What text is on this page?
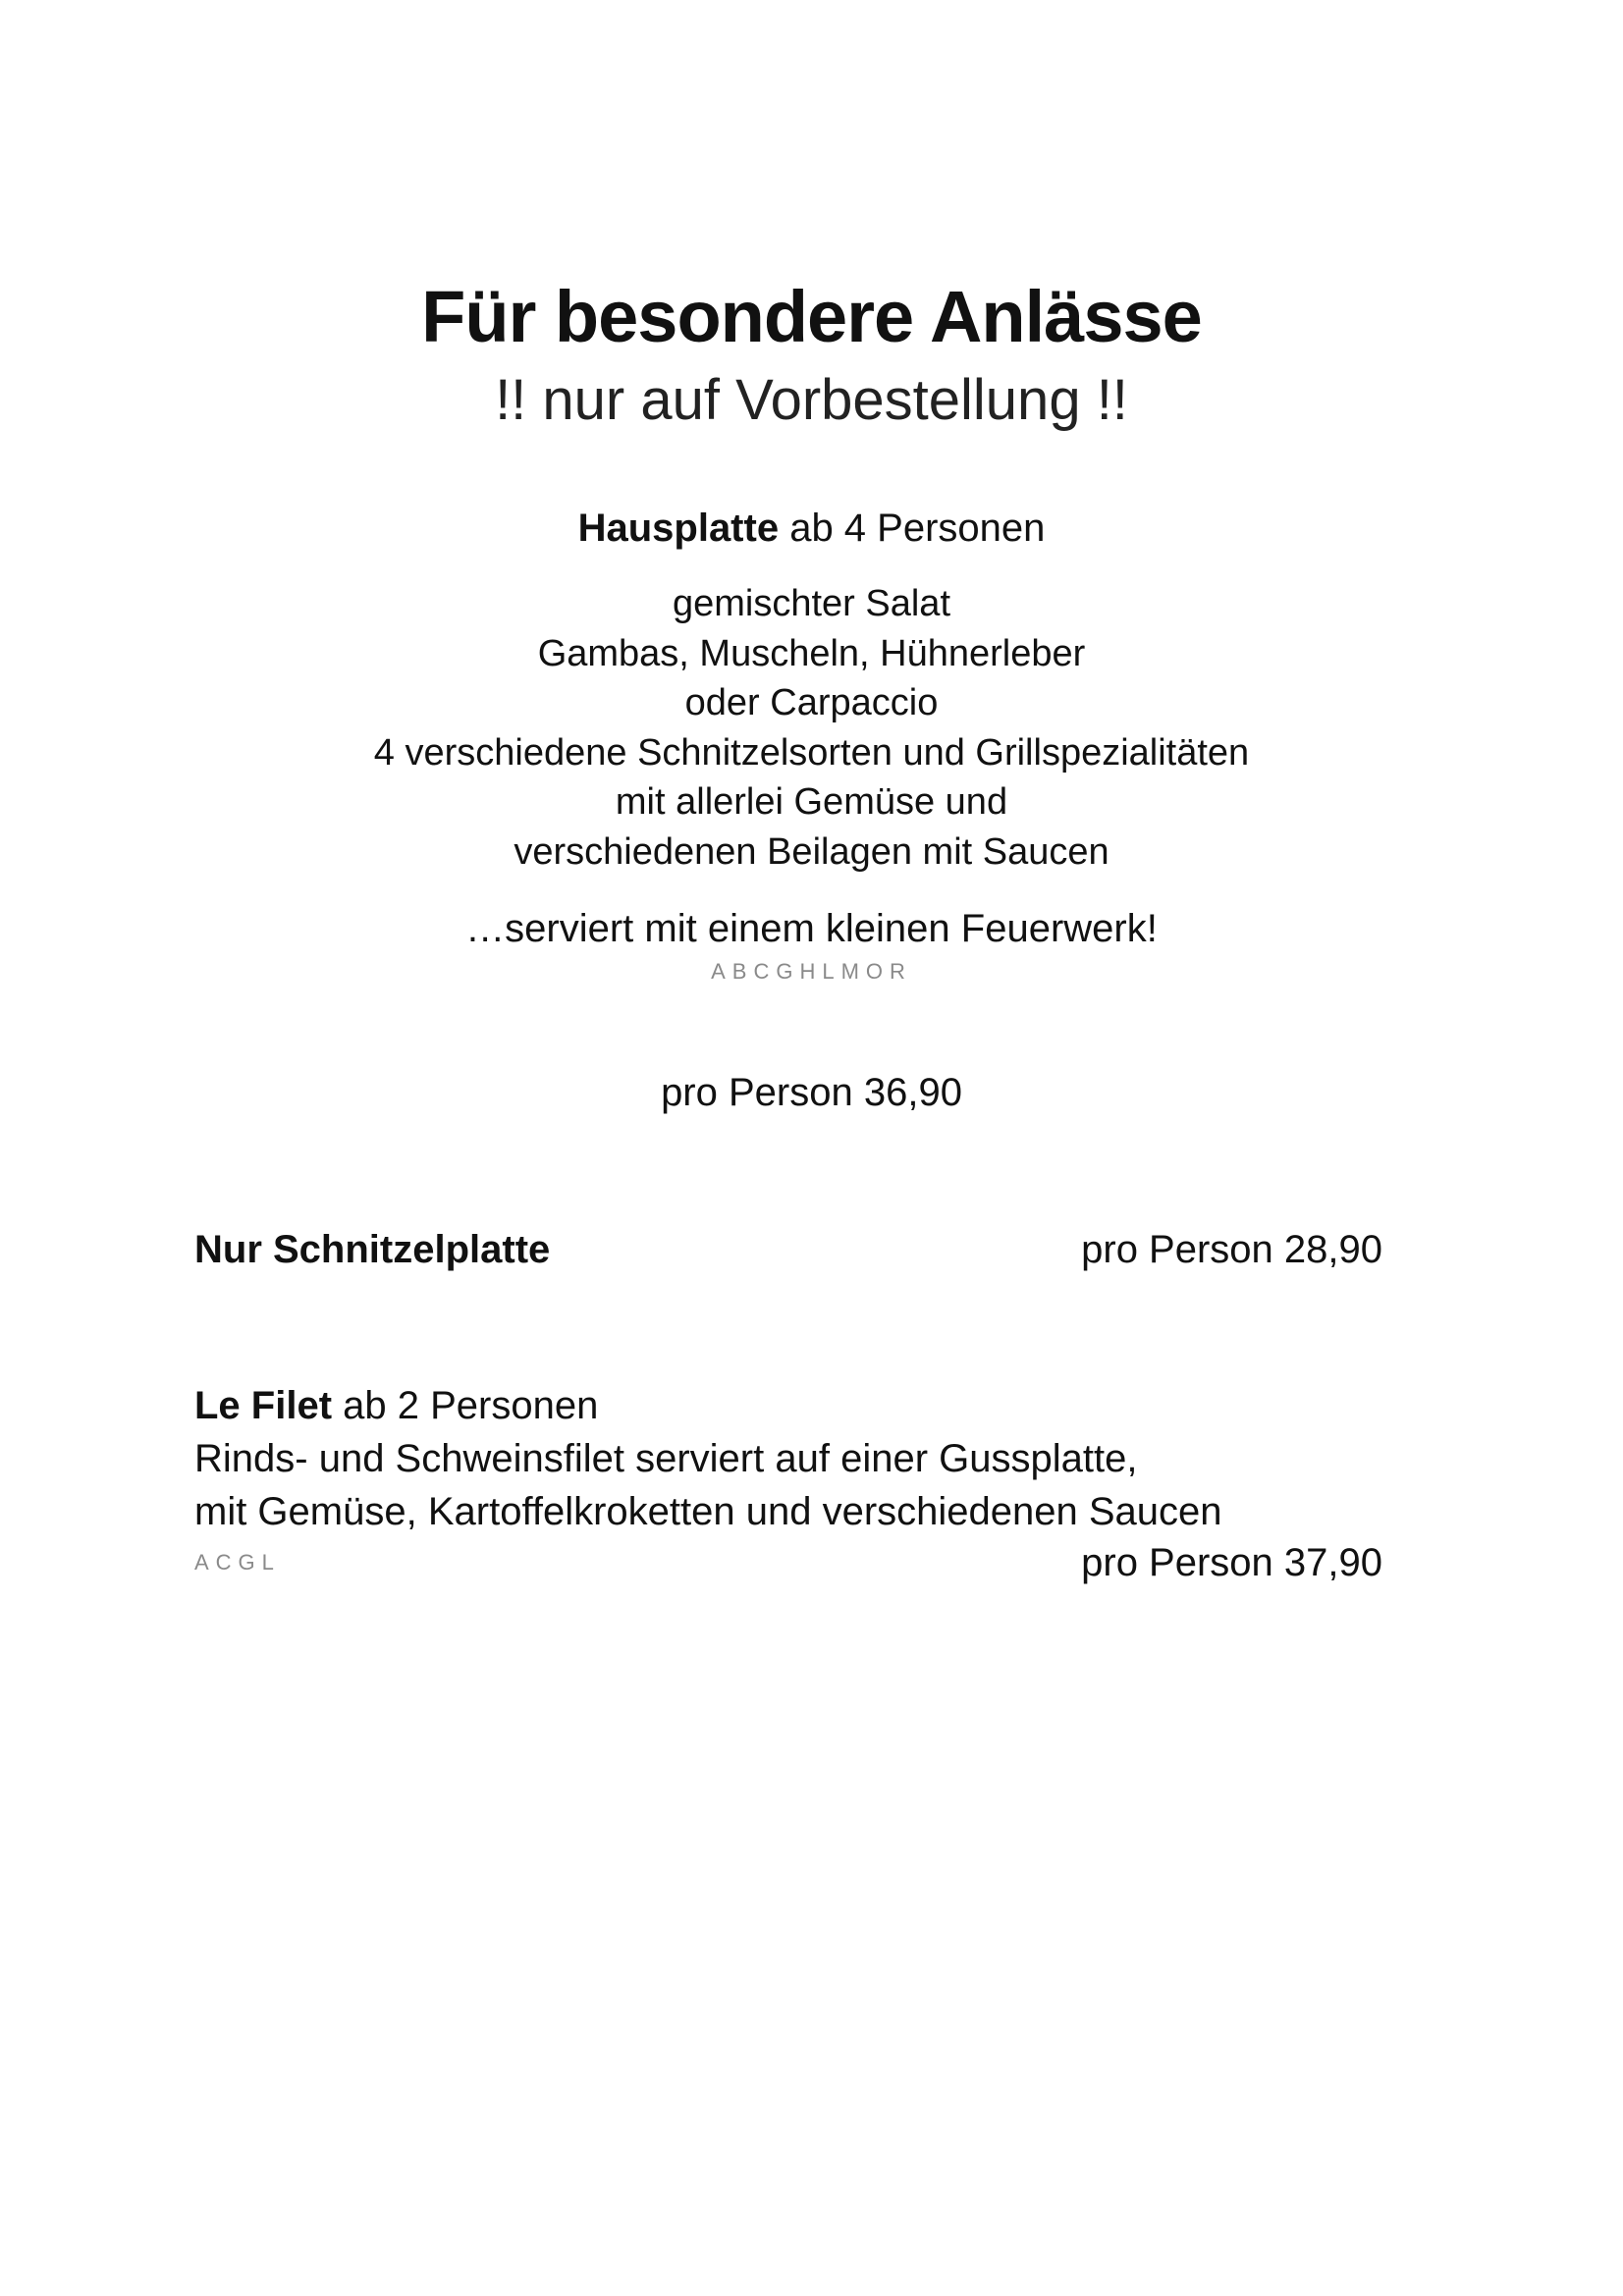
Für besondere Anlässe
!! nur auf Vorbestellung !!
Hausplatte ab 4 Personen
gemischter Salat
Gambas, Muscheln, Hühnerleber
oder Carpaccio
4 verschiedene Schnitzelsorten und Grillspezialitäten
mit allerlei Gemüse und
verschiedenen Beilagen mit Saucen
…serviert mit einem kleinen Feuerwerk!
ABCGHLMOR
pro Person 36,90
Nur Schnitzelplatte	pro Person 28,90
Le Filet ab 2 Personen
Rinds- und Schweinsfilet serviert auf einer Gussplatte,
mit Gemüse, Kartoffelkroketten und verschiedenen Saucen
ACGL	pro Person 37,90
